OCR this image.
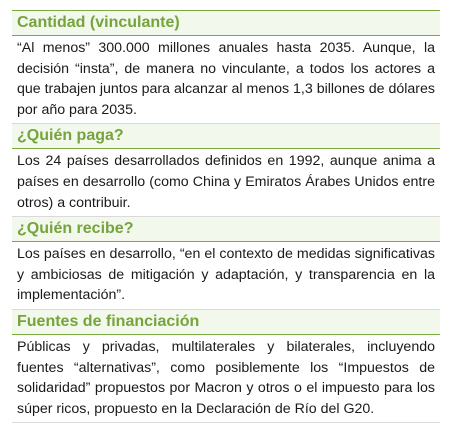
Cantidad (vinculante)

“Al menos” 300.000 millones anuales hasta 2035. Aunque, la decisión “insta”, de manera no vinculante, a todos los actores a que trabajen juntos para alcanzar al menos 1,3 billones de dólares por año para 2035.

¿Quién paga?

Los 24 países desarrollados definidos en 1992, aunque anima a países en desarrollo (como China y Emiratos Árabes Unidos entre otros) a contribuir.

¿Quién recibe?

Los países en desarrollo, “en el contexto de medidas significativas y ambiciosas de mitigación y adaptación, y transparencia en la implementación”.

Fuentes de financiación

Públicas y privadas, multilaterales y bilaterales, incluyendo fuentes “alternativas”, como posiblemente los “Impuestos de solidaridad” propuestos por Macron y otros o el impuesto para los súper ricos, propuesto en la Declaración de Río del G20.
